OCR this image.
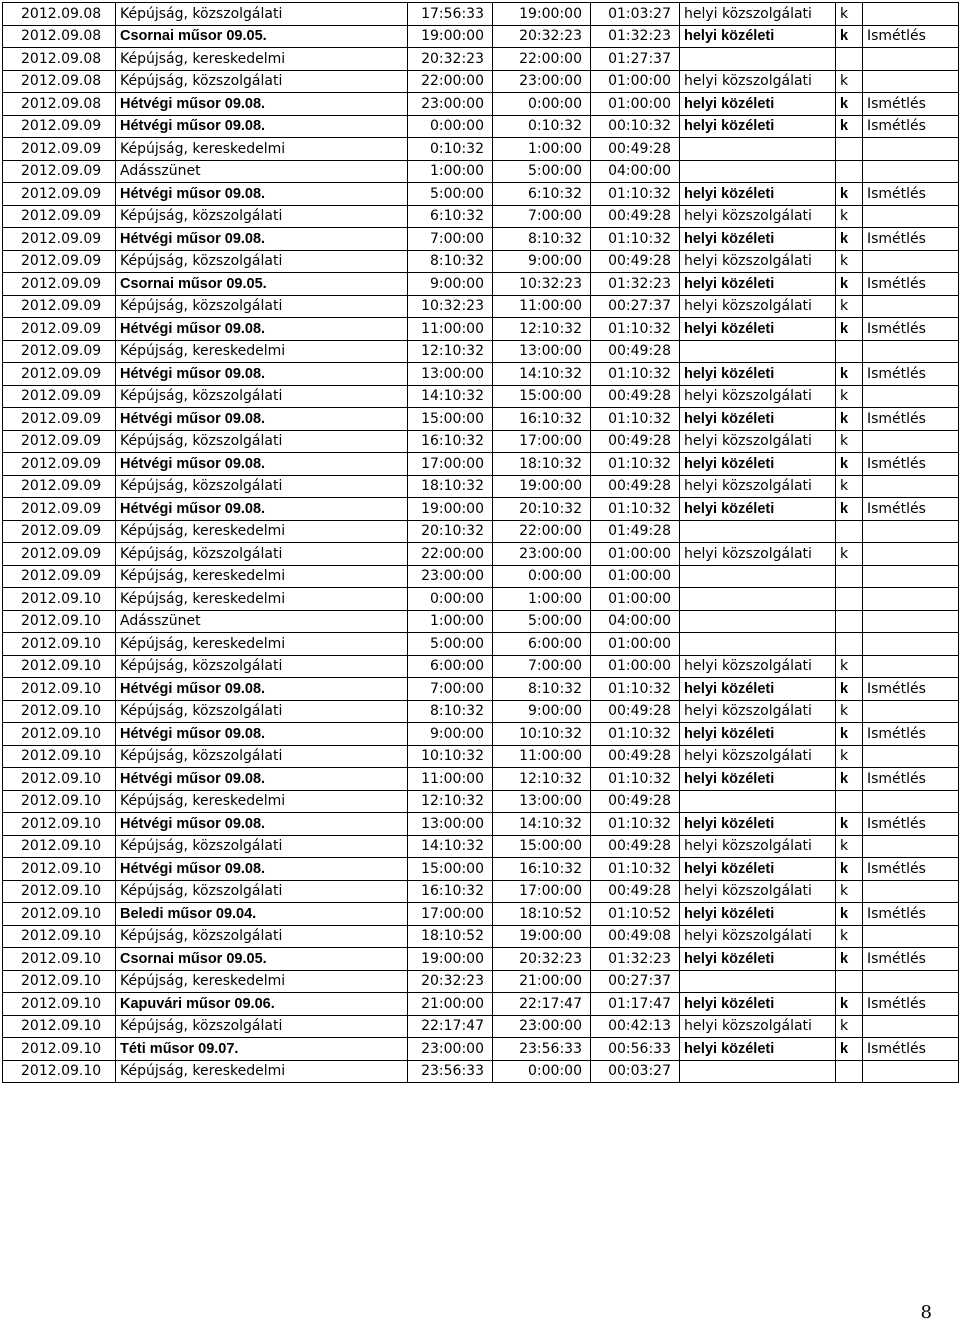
2012.09.08	Képújság, közszolgálati	17:56:33	19:00:00	01:03:27	helyi közszolgálati	k	
2012.09.08	Csornai műsor 09.05.	19:00:00	20:32:23	01:32:23	helyi közéleti	k	Ismétlés
2012.09.08	Képújság, kereskedelmi	20:32:23	22:00:00	01:27:37			
2012.09.08	Képújság, közszolgálati	22:00:00	23:00:00	01:00:00	helyi közszolgálati	k	
2012.09.08	Hétvégi műsor 09.08.	23:00:00	0:00:00	01:00:00	helyi közéleti	k	Ismétlés
2012.09.09	Hétvégi műsor 09.08.	0:00:00	0:10:32	00:10:32	helyi közéleti	k	Ismétlés
2012.09.09	Képújság, kereskedelmi	0:10:32	1:00:00	00:49:28			
2012.09.09	Adásszünet	1:00:00	5:00:00	04:00:00			
2012.09.09	Hétvégi műsor 09.08.	5:00:00	6:10:32	01:10:32	helyi közéleti	k	Ismétlés
2012.09.09	Képújság, közszolgálati	6:10:32	7:00:00	00:49:28	helyi közszolgálati	k	
2012.09.09	Hétvégi műsor 09.08.	7:00:00	8:10:32	01:10:32	helyi közéleti	k	Ismétlés
2012.09.09	Képújság, közszolgálati	8:10:32	9:00:00	00:49:28	helyi közszolgálati	k	
2012.09.09	Csornai műsor 09.05.	9:00:00	10:32:23	01:32:23	helyi közéleti	k	Ismétlés
2012.09.09	Képújság, közszolgálati	10:32:23	11:00:00	00:27:37	helyi közszolgálati	k	
2012.09.09	Hétvégi műsor 09.08.	11:00:00	12:10:32	01:10:32	helyi közéleti	k	Ismétlés
2012.09.09	Képújság, kereskedelmi	12:10:32	13:00:00	00:49:28			
2012.09.09	Hétvégi műsor 09.08.	13:00:00	14:10:32	01:10:32	helyi közéleti	k	Ismétlés
2012.09.09	Képújság, közszolgálati	14:10:32	15:00:00	00:49:28	helyi közszolgálati	k	
2012.09.09	Hétvégi műsor 09.08.	15:00:00	16:10:32	01:10:32	helyi közéleti	k	Ismétlés
2012.09.09	Képújság, közszolgálati	16:10:32	17:00:00	00:49:28	helyi közszolgálati	k	
2012.09.09	Hétvégi műsor 09.08.	17:00:00	18:10:32	01:10:32	helyi közéleti	k	Ismétlés
2012.09.09	Képújság, közszolgálati	18:10:32	19:00:00	00:49:28	helyi közszolgálati	k	
2012.09.09	Hétvégi műsor 09.08.	19:00:00	20:10:32	01:10:32	helyi közéleti	k	Ismétlés
2012.09.09	Képújság, kereskedelmi	20:10:32	22:00:00	01:49:28			
2012.09.09	Képújság, közszolgálati	22:00:00	23:00:00	01:00:00	helyi közszolgálati	k	
2012.09.09	Képújság, kereskedelmi	23:00:00	0:00:00	01:00:00			
2012.09.10	Képújság, kereskedelmi	0:00:00	1:00:00	01:00:00			
2012.09.10	Adásszünet	1:00:00	5:00:00	04:00:00			
2012.09.10	Képújság, kereskedelmi	5:00:00	6:00:00	01:00:00			
2012.09.10	Képújság, közszolgálati	6:00:00	7:00:00	01:00:00	helyi közszolgálati	k	
2012.09.10	Hétvégi műsor 09.08.	7:00:00	8:10:32	01:10:32	helyi közéleti	k	Ismétlés
2012.09.10	Képújság, közszolgálati	8:10:32	9:00:00	00:49:28	helyi közszolgálati	k	
2012.09.10	Hétvégi műsor 09.08.	9:00:00	10:10:32	01:10:32	helyi közéleti	k	Ismétlés
2012.09.10	Képújság, közszolgálati	10:10:32	11:00:00	00:49:28	helyi közszolgálati	k	
2012.09.10	Hétvégi műsor 09.08.	11:00:00	12:10:32	01:10:32	helyi közéleti	k	Ismétlés
2012.09.10	Képújság, kereskedelmi	12:10:32	13:00:00	00:49:28			
2012.09.10	Hétvégi műsor 09.08.	13:00:00	14:10:32	01:10:32	helyi közéleti	k	Ismétlés
2012.09.10	Képújság, közszolgálati	14:10:32	15:00:00	00:49:28	helyi közszolgálati	k	
2012.09.10	Hétvégi műsor 09.08.	15:00:00	16:10:32	01:10:32	helyi közéleti	k	Ismétlés
2012.09.10	Képújság, közszolgálati	16:10:32	17:00:00	00:49:28	helyi közszolgálati	k	
2012.09.10	Beledi műsor 09.04.	17:00:00	18:10:52	01:10:52	helyi közéleti	k	Ismétlés
2012.09.10	Képújság, közszolgálati	18:10:52	19:00:00	00:49:08	helyi közszolgálati	k	
2012.09.10	Csornai műsor 09.05.	19:00:00	20:32:23	01:32:23	helyi közéleti	k	Ismétlés
2012.09.10	Képújság, kereskedelmi	20:32:23	21:00:00	00:27:37			
2012.09.10	Kapuvári műsor 09.06.	21:00:00	22:17:47	01:17:47	helyi közéleti	k	Ismétlés
2012.09.10	Képújság, közszolgálati	22:17:47	23:00:00	00:42:13	helyi közszolgálati	k	
2012.09.10	Téti műsor 09.07.	23:00:00	23:56:33	00:56:33	helyi közéleti	k	Ismétlés
2012.09.10	Képújság, kereskedelmi	23:56:33	0:00:00	00:03:27			
8
